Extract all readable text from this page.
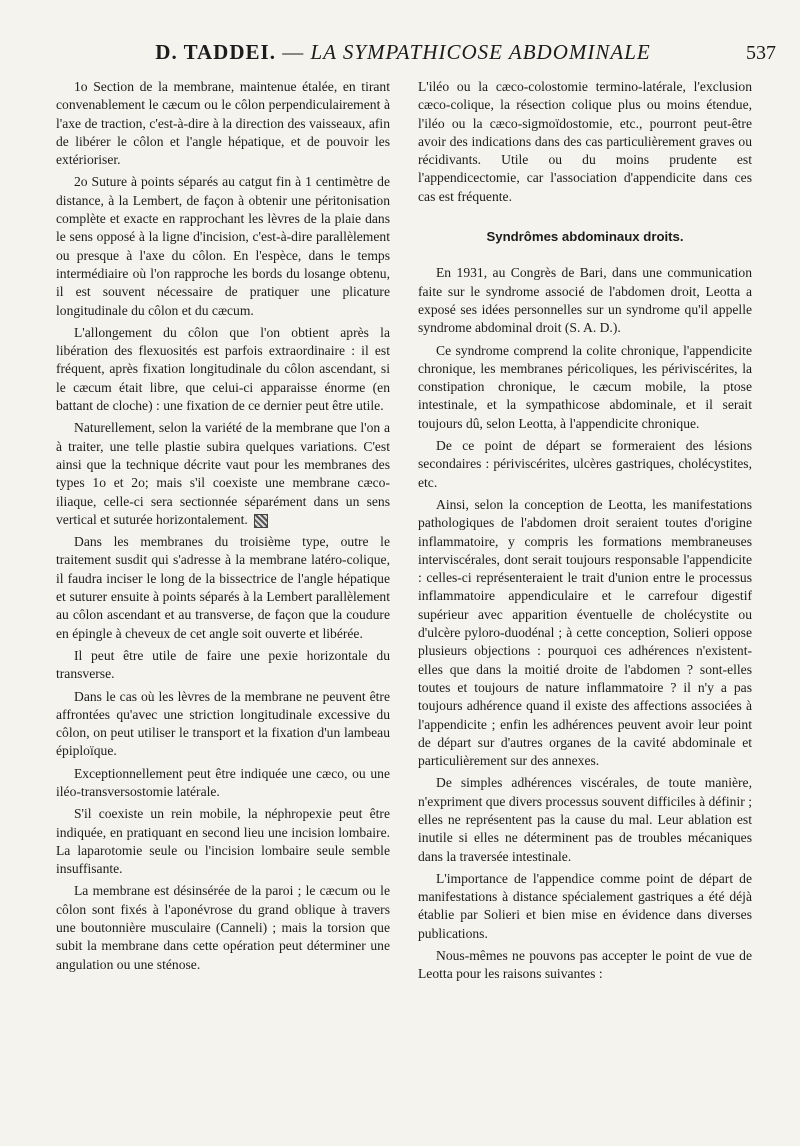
D. TADDEI. — LA SYMPATHICOSE ABDOMINALE	537

1o Section de la membrane, maintenue étalée, en tirant convenablement le cæcum ou le côlon perpendiculairement à l'axe de traction, c'est-à-dire à la direction des vaisseaux, afin de libérer le côlon et l'angle hépatique, et de pouvoir les extérioriser.

2o Suture à points séparés au catgut fin à 1 centimètre de distance, à la Lembert, de façon à obtenir une péritonisation complète et exacte en rapprochant les lèvres de la plaie dans le sens opposé à la ligne d'incision, c'est-à-dire parallèlement ou presque à l'axe du côlon. En l'espèce, dans le temps intermédiaire où l'on rapproche les bords du losange obtenu, il est souvent nécessaire de pratiquer une plicature longitudinale du côlon et du cæcum.

L'allongement du côlon que l'on obtient après la libération des flexuosités est parfois extraordinaire : il est fréquent, après fixation longitudinale du côlon ascendant, si le cæcum était libre, que celui-ci apparaisse énorme (en battant de cloche) : une fixation de ce dernier peut être utile.

Naturellement, selon la variété de la membrane que l'on a à traiter, une telle plastie subira quelques variations. C'est ainsi que la technique décrite vaut pour les membranes des types 1o et 2o; mais s'il coexiste une membrane cæco-iliaque, celle-ci sera sectionnée séparément dans un sens vertical et suturée horizontalement.

Dans les membranes du troisième type, outre le traitement susdit qui s'adresse à la membrane latéro-colique, il faudra inciser le long de la bissectrice de l'angle hépatique et suturer ensuite à points séparés à la Lembert parallèlement au côlon ascendant et au transverse, de façon que la coudure en épingle à cheveux de cet angle soit ouverte et libérée.

Il peut être utile de faire une pexie horizontale du transverse.

Dans le cas où les lèvres de la membrane ne peuvent être affrontées qu'avec une striction longitudinale excessive du côlon, on peut utiliser le transport et la fixation d'un lambeau épiploïque.

Exceptionnellement peut être indiquée une cæco, ou une iléo-transversostomie latérale.

S'il coexiste un rein mobile, la néphropexie peut être indiquée, en pratiquant en second lieu une incision lombaire. La laparotomie seule ou l'incision lombaire seule semble insuffisante.

La membrane est désinsérée de la paroi ; le cæcum ou le côlon sont fixés à l'aponévrose du grand oblique à travers une boutonnière musculaire (Canneli) ; mais la torsion que subit la membrane dans cette opération peut déterminer une angulation ou une sténose.

L'iléo ou la cæco-colostomie termino-latérale, l'exclusion cæco-colique, la résection colique plus ou moins étendue, l'iléo ou la cæco-sigmoïdostomie, etc., pourront peut-être avoir des indications dans des cas particulièrement graves ou récidivants. Utile ou du moins prudente est l'appendicectomie, car l'association d'appendicite dans ces cas est fréquente.

Syndrômes abdominaux droits.

En 1931, au Congrès de Bari, dans une communication faite sur le syndrome associé de l'abdomen droit, Leotta a exposé ses idées personnelles sur un syndrome qu'il appelle syndrome abdominal droit (S. A. D.).

Ce syndrome comprend la colite chronique, l'appendicite chronique, les membranes péricoliques, les périviscérites, la constipation chronique, le cæcum mobile, la ptose intestinale, et la sympathicose abdominale, et il serait toujours dû, selon Leotta, à l'appendicite chronique.

De ce point de départ se formeraient des lésions secondaires : périviscérites, ulcères gastriques, cholécystites, etc.

Ainsi, selon la conception de Leotta, les manifestations pathologiques de l'abdomen droit seraient toutes d'origine inflammatoire, y compris les formations membraneuses interviscérales, dont serait toujours responsable l'appendicite : celles-ci représenteraient le trait d'union entre le processus inflammatoire appendiculaire et le carrefour digestif supérieur avec apparition éventuelle de cholécystite ou d'ulcère pyloro-duodénal ; à cette conception, Solieri oppose plusieurs objections : pourquoi ces adhérences n'existent-elles que dans la moitié droite de l'abdomen ? sont-elles toutes et toujours de nature inflammatoire ? il n'y a pas toujours adhérence quand il existe des affections associées à l'appendicite ; enfin les adhérences peuvent avoir leur point de départ sur d'autres organes de la cavité abdominale et particulièrement sur des annexes.

De simples adhérences viscérales, de toute manière, n'expriment que divers processus souvent difficiles à définir ; elles ne représentent pas la cause du mal. Leur ablation est inutile si elles ne déterminent pas de troubles mécaniques dans la traversée intestinale.

L'importance de l'appendice comme point de départ de manifestations à distance spécialement gastriques a été déjà établie par Solieri et bien mise en évidence dans diverses publications.

Nous-mêmes ne pouvons pas accepter le point de vue de Leotta pour les raisons suivantes :
